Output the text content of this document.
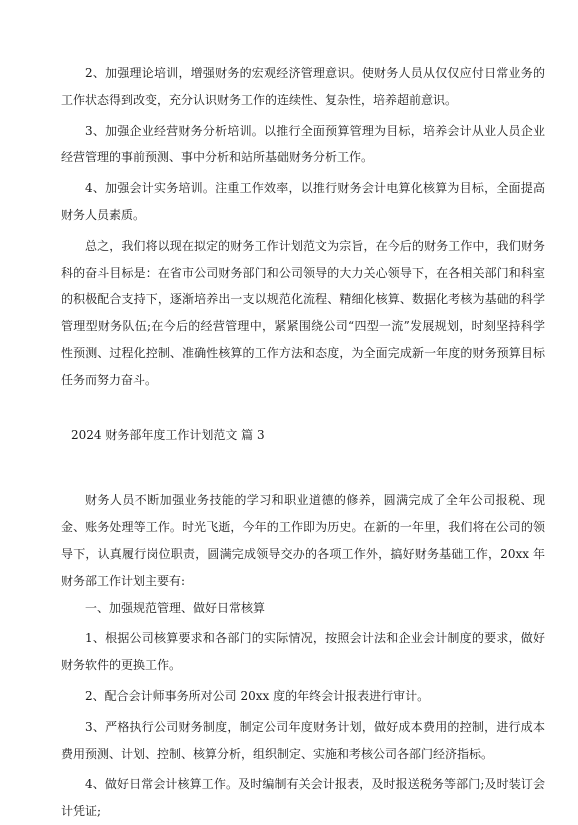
2、加强理论培训，增强财务的宏观经济管理意识。使财务人员从仅仅应付日常业务的工作状态得到改变，充分认识财务工作的连续性、复杂性，培养超前意识。

3、加强企业经营财务分析培训。以推行全面预算管理为目标，培养会计从业人员企业经营管理的事前预测、事中分析和站所基础财务分析工作。

4、加强会计实务培训。注重工作效率，以推行财务会计电算化核算为目标，全面提高财务人员素质。

总之，我们将以现在拟定的财务工作计划范文为宗旨，在今后的财务工作中，我们财务科的奋斗目标是：在省市公司财务部门和公司领导的大力关心领导下，在各相关部门和科室的积极配合支持下，逐渐培养出一支以规范化流程、精细化核算、数据化考核为基础的科学管理型财务队伍;在今后的经营管理中，紧紧围绕公司“四型一流”发展规划，时刻坚持科学性预测、过程化控制、准确性核算的工作方法和态度，为全面完成新一年度的财务预算目标任务而努力奋斗。

2024 财务部年度工作计划范文 篇 3

财务人员不断加强业务技能的学习和职业道德的修养，圆满完成了全年公司报税、现金、账务处理等工作。时光飞逝，今年的工作即为历史。在新的一年里，我们将在公司的领导下，认真履行岗位职责，圆满完成领导交办的各项工作外，搞好财务基础工作，20xx 年财务部工作计划主要有:

一、加强规范管理、做好日常核算

1、根据公司核算要求和各部门的实际情况，按照会计法和企业会计制度的要求，做好财务软件的更换工作。

2、配合会计师事务所对公司 20xx 度的年终会计报表进行审计。

3、严格执行公司财务制度，制定公司年度财务计划，做好成本费用的控制，进行成本费用预测、计划、控制、核算分析，组织制定、实施和考核公司各部门经济指标。

4、做好日常会计核算工作。及时编制有关会计报表，及时报送税务等部门;及时装订会计凭证;
